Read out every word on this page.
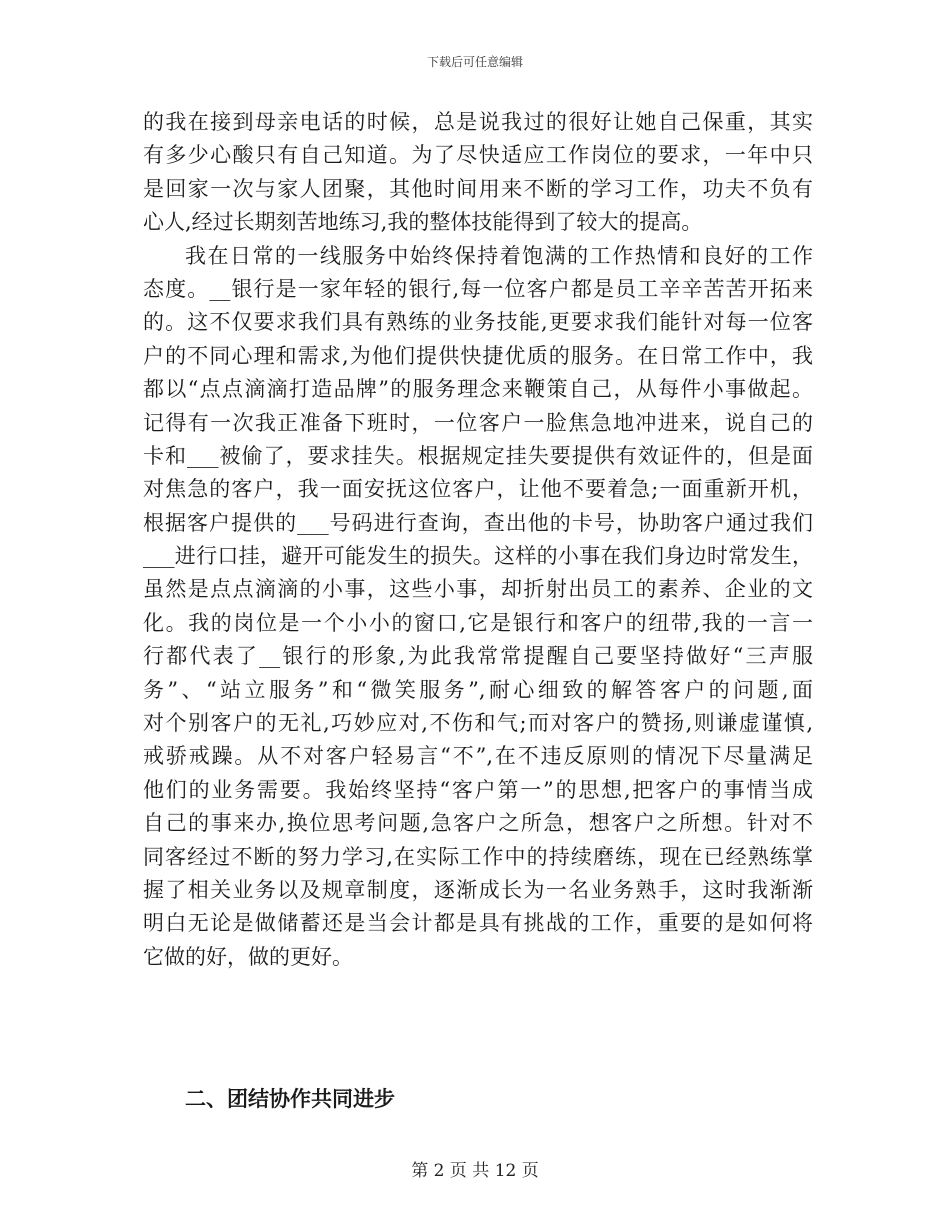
下载后可任意编辑
的我在接到母亲电话的时候，总是说我过的很好让她自己保重，其实
有多少心酸只有自己知道。为了尽快适应工作岗位的要求，一年中只
是回家一次与家人团聚，其他时间用来不断的学习工作，功夫不负有
心人,经过长期刻苦地练习,我的整体技能得到了较大的提高。
我在日常的一线服务中始终保持着饱满的工作热情和良好的工作
态度。__银行是一家年轻的银行,每一位客户都是员工辛辛苦苦开拓来
的。这不仅要求我们具有熟练的业务技能,更要求我们能针对每一位客
户的不同心理和需求,为他们提供快捷优质的服务。在日常工作中，我
都以“点点滴滴打造品牌”的服务理念来鞭策自己，从每件小事做起。
记得有一次我正准备下班时，一位客户一脸焦急地冲进来，说自己的
卡和___被偷了，要求挂失。根据规定挂失要提供有效证件的，但是面
对焦急的客户，我一面安抚这位客户，让他不要着急;一面重新开机，
根据客户提供的___号码进行查询，查出他的卡号，协助客户通过我们
___进行口挂，避开可能发生的损失。这样的小事在我们身边时常发生，
虽然是点点滴滴的小事，这些小事，却折射出员工的素养、企业的文
化。我的岗位是一个小小的窗口,它是银行和客户的纽带,我的一言一
行都代表了__银行的形象,为此我常常提醒自己要坚持做好“三声服
务”、“站立服务”和“微笑服务”,耐心细致的解答客户的问题,面
对个别客户的无礼,巧妙应对,不伤和气;而对客户的赞扬,则谦虚谨慎,
戒骄戒躁。从不对客户轻易言“不”,在不违反原则的情况下尽量满足
他们的业务需要。我始终坚持“客户第一”的思想,把客户的事情当成
自己的事来办,换位思考问题,急客户之所急，想客户之所想。针对不
同客经过不断的努力学习,在实际工作中的持续磨练，现在已经熟练掌
握了相关业务以及规章制度，逐渐成长为一名业务熟手，这时我渐渐
明白无论是做储蓄还是当会计都是具有挑战的工作，重要的是如何将
它做的好，做的更好。
二、团结协作共同进步
第 2 页 共 12 页
